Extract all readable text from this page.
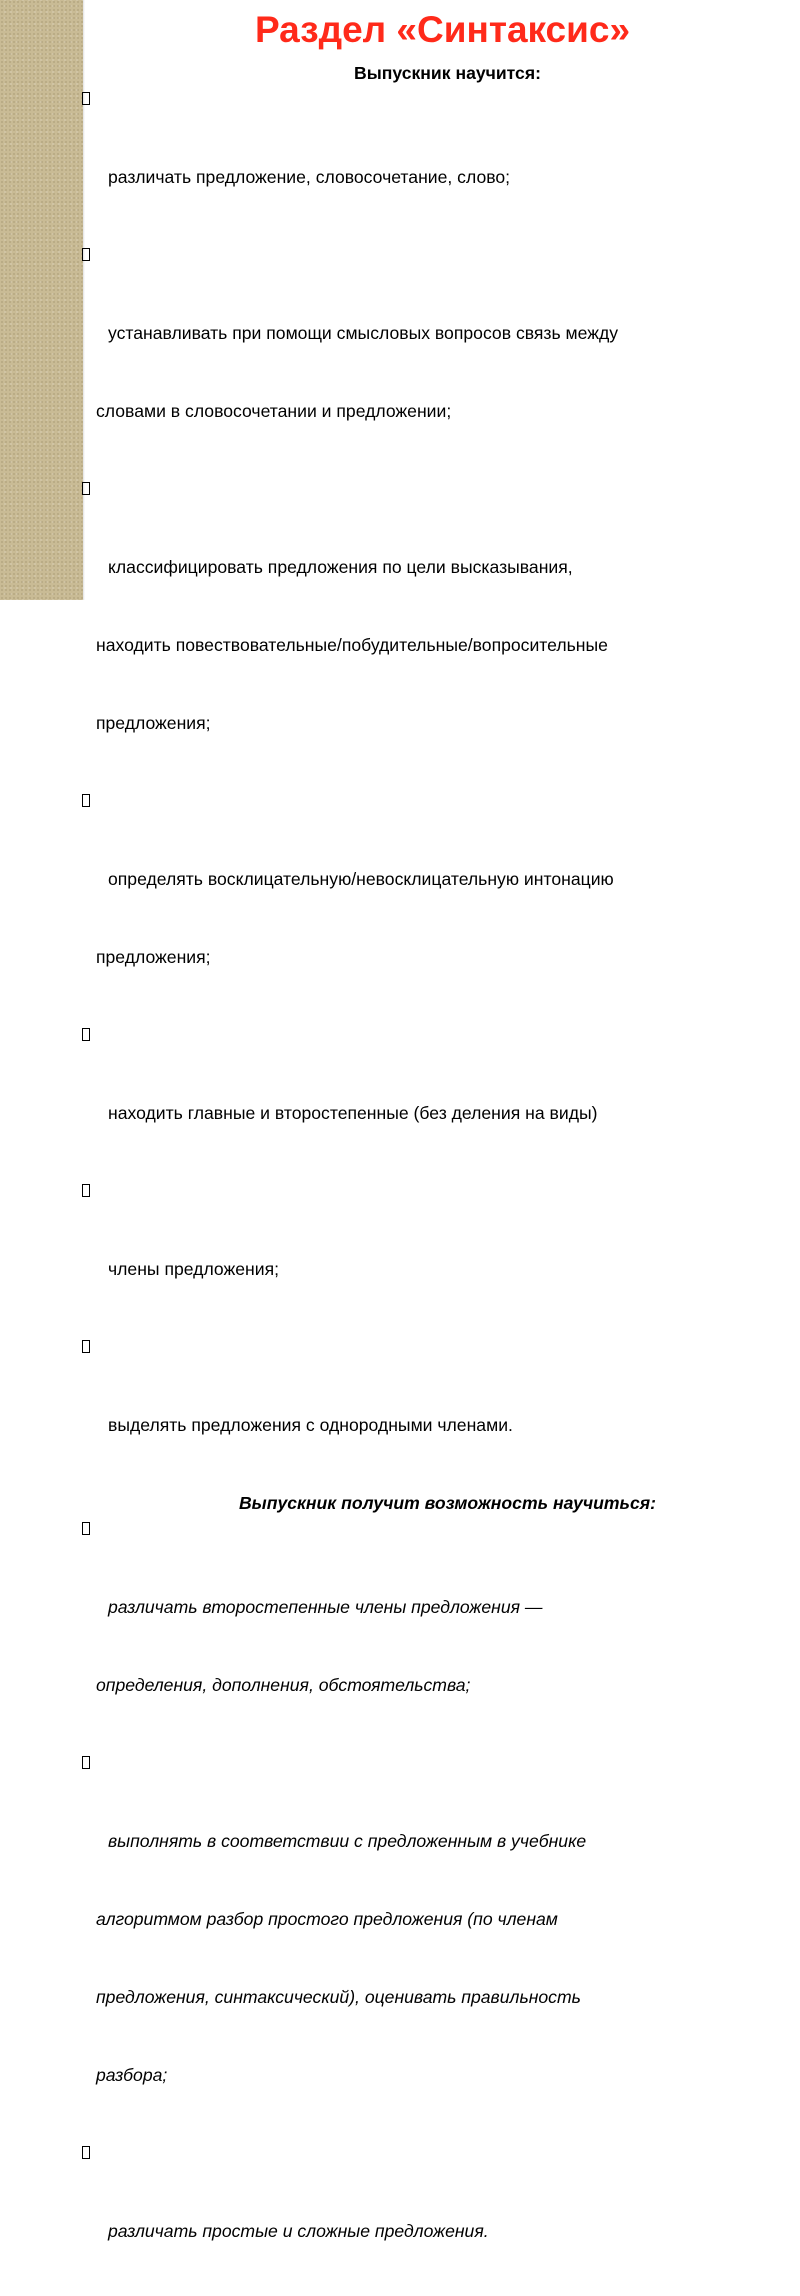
Раздел «Синтаксис»
Выпускник научится:

различать предложение, словосочетание, слово;

устанавливать при помощи смысловых вопросов связь между

словами в словосочетании и предложении;

классифицировать предложения по цели высказывания,

находить повествовательные/побудительные/вопросительные

предложения;

определять восклицательную/невосклицательную интонацию

предложения;

находить главные и второстепенные (без деления на виды)

члены предложения;

выделять предложения с однородными членами.

Выпускник получит возможность научиться:

различать второстепенные члены предложения —

определения, дополнения, обстоятельства;

выполнять в соответствии с предложенным в учебнике

алгоритмом разбор простого предложения (по членам

предложения, синтаксический), оценивать правильность

разбора;

различать простые и сложные предложения.
